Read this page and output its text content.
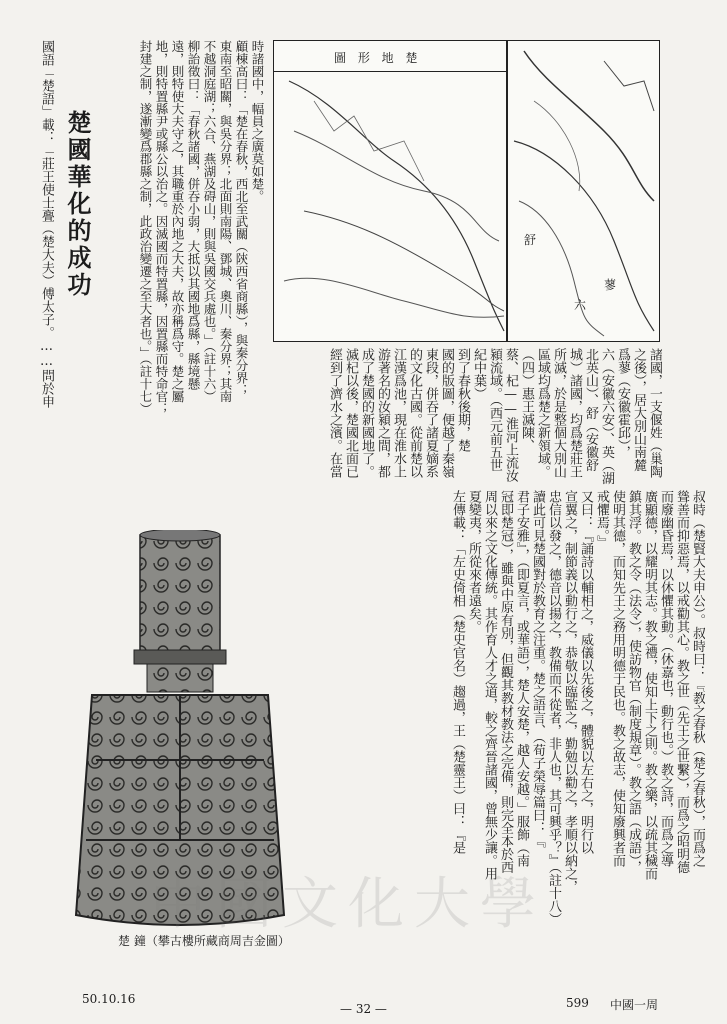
圖 形 地 楚
舒
蓼
六
叔時（楚賢大夫申公）。叔時曰：『教之春秋（楚之春秋），而爲之
聳善而抑惡焉，以戒勸其心。教之世（先王之世繫），而爲之昭明德
而廢幽昏焉，以休懼其動。（休嘉也，動行也。）教之詩，而爲之導
廣顯德，以耀明其志。教之禮，使知上下之則。教之樂，以疏其穢而
鎮其浮。教之令（法令），使訪物官（制度規章）。教之語（成語），
使明其德，而知先王之務用明德于民也。教之故志，使知廢興者而
戒懼焉。』
又曰：『誦詩以輔相之，威儀以先後之，體貌以左右之，明行以
宣翼之，制節義以動行之，恭敬以臨監之，勤勉以勸之，孝順以納之，
忠信以發之，德音以揚之，教備而不從者，非人也，其可興乎？』（註十八）
讀此可見楚國對於教育之注重。楚之語言、（荀子榮辱篇曰：『
君子安雅』，（即夏言，或華語），楚人安楚，越人安越。」服飾（南
冠即楚冠），雖與中原有別，但觀其教材教法之完備，則完全本於西
周以來之文化傳統。其作育人才之道，較之齊晉諸國，曾無少讓。用
夏變夷，所從來者遠矣。
左傳載：「左史倚相（楚史官名）趨過，王（楚靈王）曰：『是
諸國，一支偃姓（巢陶
之後），居大別山南麓
爲蓼（安徽霍邱），
六（安徽六安）、英（湖
北英山）、舒（安徽舒
城）諸國，均爲楚莊王
所滅，於是整個大別山
區域均爲楚之新領域。
（四）惠王滅陳、
蔡、杞——淮河上流汝
潁流域。（西元前五世
紀中葉）
到了春秋後期，楚
國的版圖，便越了秦嶺
東段，併吞了諸夏嫡系
的文化古國。從前楚以
江漢爲池，現在淮水上
游著名的汝潁之間，都
成了楚國的新國地了。
滅杞以後，楚國北面已
經到了濟水之濱。在當
時諸國中，幅員之廣莫如楚。
顧棟高曰：「楚在春秋，西北至武關（陝西省商縣），與秦分界；
東南至昭關，與吳分界；北面則南陽、鄧城、奧川、秦分界；其南
不越洞庭湖；六合、燕湖及碍山，則與吳國交兵處也。」（註十六）
柳詒徵曰：「春秋諸國，併吞小弱，大抵以其國地爲縣，縣境懸
遠，則特使大夫守之，其職重於內地之大夫，故亦稱爲守。楚之屬
地，則特置縣尹或縣公以治之。因滅國而特置縣，因置縣而特命官；
封建之制，遂漸變爲郡縣之制，此政治變遷之至大者也。」（註十七）
楚國華化的成功
國語「楚語」載：「莊王使士亹（楚大夫）傅太子。……問於申
楚 鐘（攀古樓所藏商周吉金圖）
中國文化大學
50.10.16
— 32 —	599 中國一周
